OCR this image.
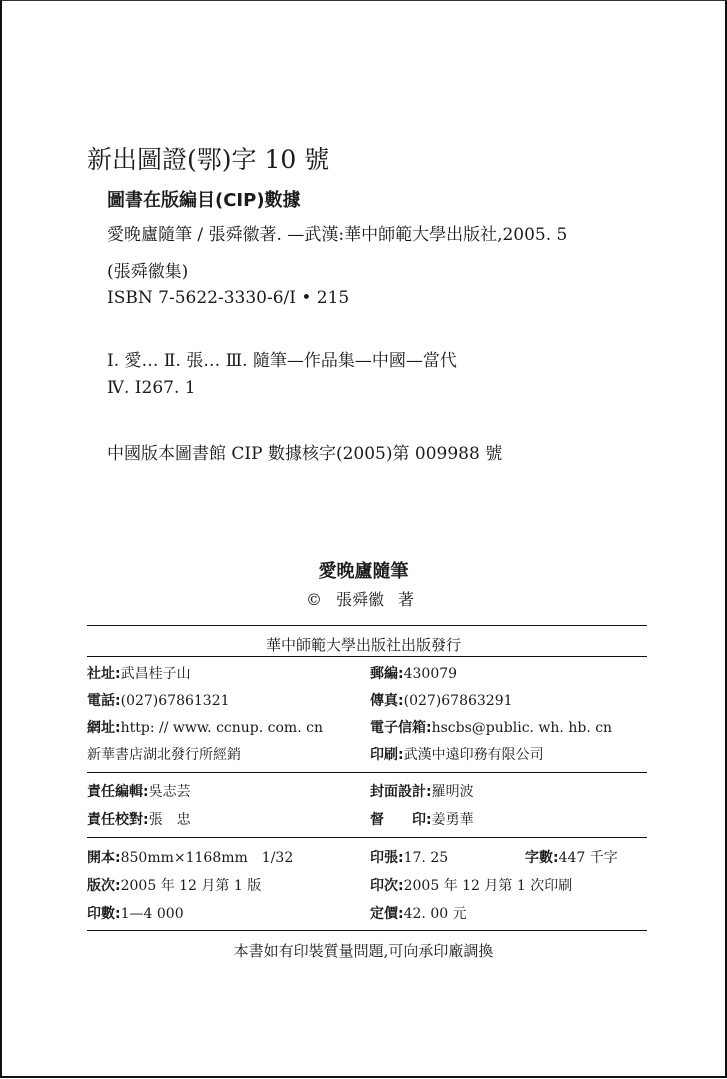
新出圖證(鄂)字 10 號
圖書在版編目(CIP)數據
愛晚廬隨筆 / 張舜徽著. —武漢:華中師範大學出版社,2005. 5
(張舜徽集)
ISBN 7-5622-3330-6/I • 215
Ⅰ. 愛… Ⅱ. 張… Ⅲ. 隨筆—作品集—中國—當代
Ⅳ. I267. 1
中國版本圖書館 CIP 數據核字(2005)第 009988 號
愛晚廬隨筆
© 張舜徽 著
華中師範大學出版社出版發行
社址:武昌桂子山	郵編:430079
電話:(027)67861321	傳真:(027)67863291
網址:http: // www. ccnup. com. cn	電子信箱:hscbs@public. wh. hb. cn
新華書店湖北發行所經銷	印刷:武漢中遠印務有限公司
責任編輯:吳志芸	封面設計:羅明波
責任校對:張　忠	督　　印:姜勇華
開本:850mm×1168mm　1/32	印張:17. 25	字數:447 千字
版次:2005 年 12 月第 1 版	印次:2005 年 12 月第 1 次印刷
印數:1—4 000	定價:42. 00 元
本書如有印裝質量問題,可向承印廠調換
